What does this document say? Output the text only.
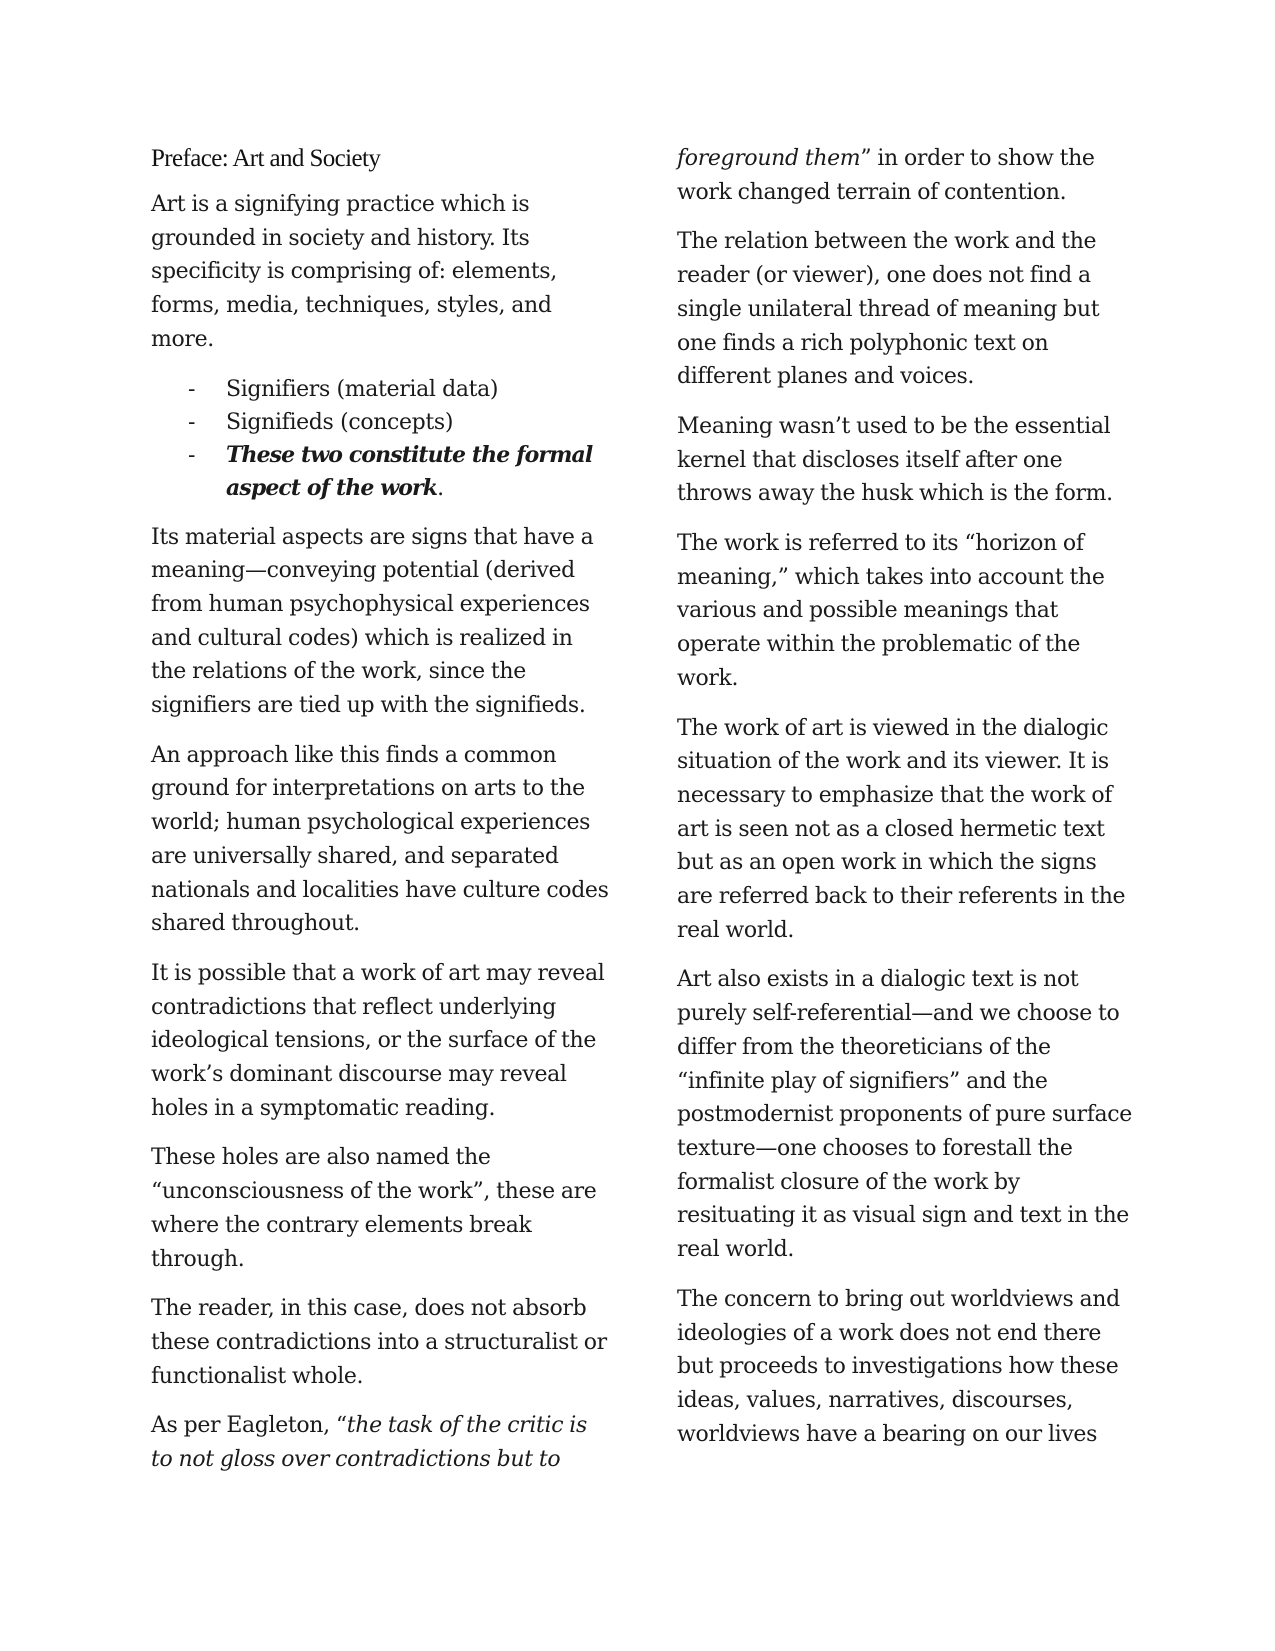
Preface: Art and Society

Art is a signifying practice which is grounded in society and history. Its specificity is comprising of: elements, forms, media, techniques, styles, and more.

- Signifiers (material data)
- Signifieds (concepts)
- These two constitute the formal aspect of the work.

Its material aspects are signs that have a meaning—conveying potential (derived from human psychophysical experiences and cultural codes) which is realized in the relations of the work, since the signifiers are tied up with the signifieds.

An approach like this finds a common ground for interpretations on arts to the world; human psychological experiences are universally shared, and separated nationals and localities have culture codes shared throughout.

It is possible that a work of art may reveal contradictions that reflect underlying ideological tensions, or the surface of the work’s dominant discourse may reveal holes in a symptomatic reading.

These holes are also named the “unconsciousness of the work”, these are where the contrary elements break through.

The reader, in this case, does not absorb these contradictions into a structuralist or functionalist whole.

As per Eagleton, “the task of the critic is to not gloss over contradictions but to

foreground them” in order to show the work changed terrain of contention.

The relation between the work and the reader (or viewer), one does not find a single unilateral thread of meaning but one finds a rich polyphonic text on different planes and voices.

Meaning wasn’t used to be the essential kernel that discloses itself after one throws away the husk which is the form.

The work is referred to its “horizon of meaning,” which takes into account the various and possible meanings that operate within the problematic of the work.

The work of art is viewed in the dialogic situation of the work and its viewer. It is necessary to emphasize that the work of art is seen not as a closed hermetic text but as an open work in which the signs are referred back to their referents in the real world.

Art also exists in a dialogic text is not purely self-referential—and we choose to differ from the theoreticians of the “infinite play of signifiers” and the postmodernist proponents of pure surface texture—one chooses to forestall the formalist closure of the work by resituating it as visual sign and text in the real world.

The concern to bring out worldviews and ideologies of a work does not end there but proceeds to investigations how these ideas, values, narratives, discourses, worldviews have a bearing on our lives
